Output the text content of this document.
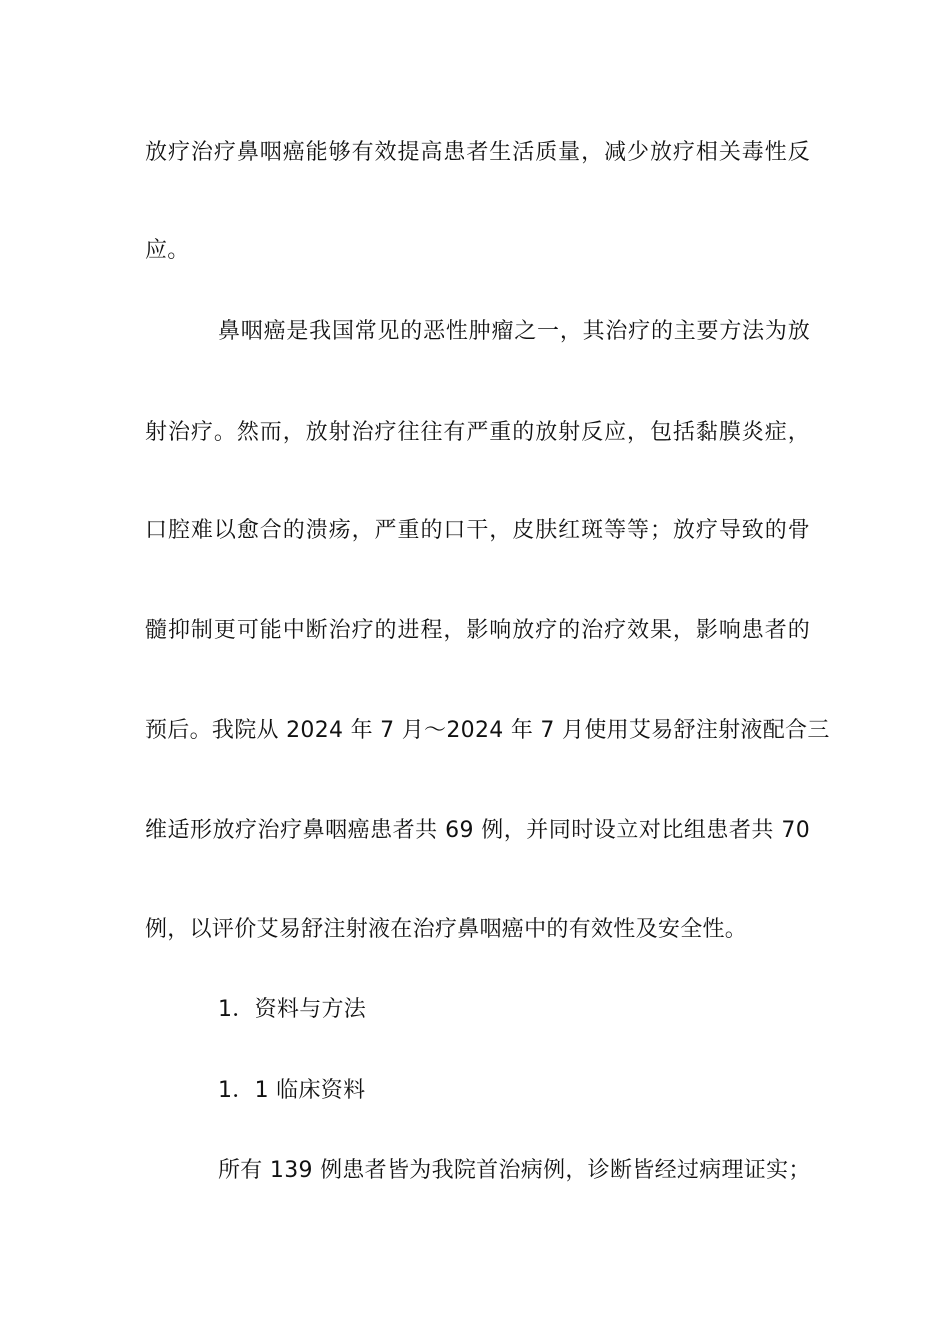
放疗治疗鼻咽癌能够有效提高患者生活质量，减少放疗相关毒性反
应。
鼻咽癌是我国常见的恶性肿瘤之一，其治疗的主要方法为放
射治疗。然而，放射治疗往往有严重的放射反应，包括黏膜炎症，
口腔难以愈合的溃疡，严重的口干，皮肤红斑等等；放疗导致的骨
髓抑制更可能中断治疗的进程，影响放疗的治疗效果，影响患者的
预后。我院从 2024 年 7 月～2024 年 7 月使用艾易舒注射液配合三
维适形放疗治疗鼻咽癌患者共 69 例，并同时设立对比组患者共 70
例，以评价艾易舒注射液在治疗鼻咽癌中的有效性及安全性。
1．资料与方法
1．1 临床资料
所有 139 例患者皆为我院首治病例，诊断皆经过病理证实；
